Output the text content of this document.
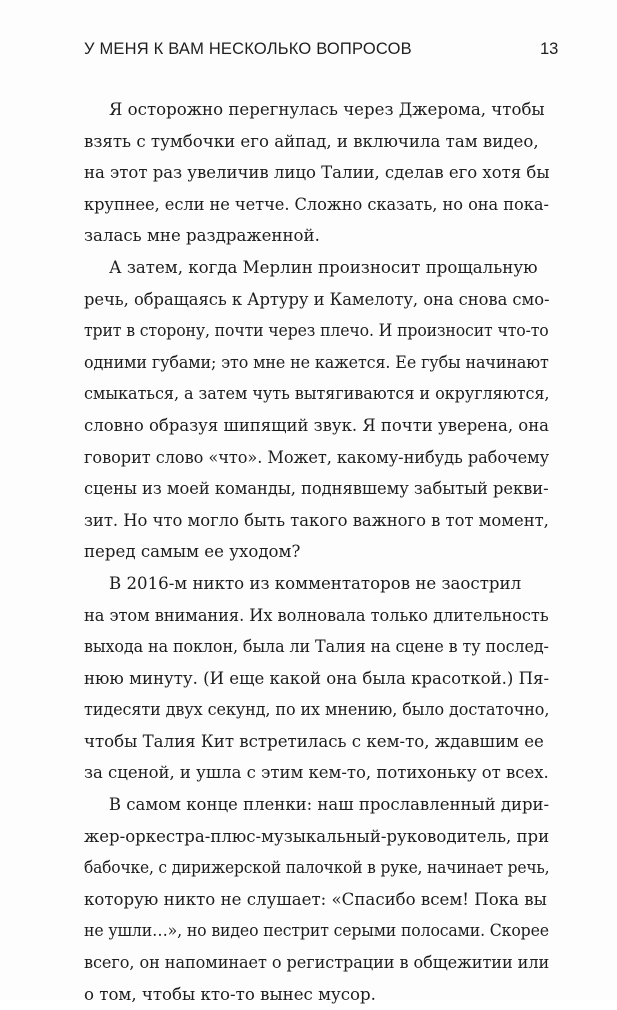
У МЕНЯ К ВАМ НЕСКОЛЬКО ВОПРОСОВ	13
Я осторожно перегнулась через Джерома, чтобы
взять с тумбочки его айпад, и включила там видео,
на этот раз увеличив лицо Талии, сделав его хотя бы
крупнее, если не четче. Сложно сказать, но она пока-
залась мне раздраженной.
А затем, когда Мерлин произносит прощальную
речь, обращаясь к Артуру и Камелоту, она снова смо-
трит в сторону, почти через плечо. И произносит что-то
одними губами; это мне не кажется. Ее губы начинают
смыкаться, а затем чуть вытягиваются и округляются,
словно образуя шипящий звук. Я почти уверена, она
говорит слово «что». Может, какому-нибудь рабочему
сцены из моей команды, поднявшему забытый рекви-
зит. Но что могло быть такого важного в тот момент,
перед самым ее уходом?
В 2016-м никто из комментаторов не заострил
на этом внимания. Их волновала только длительность
выхода на поклон, была ли Талия на сцене в ту послед-
нюю минуту. (И еще какой она была красоткой.) Пя-
тидесяти двух секунд, по их мнению, было достаточно,
чтобы Талия Кит встретилась с кем-то, ждавшим ее
за сценой, и ушла с этим кем-то, потихоньку от всех.
В самом конце пленки: наш прославленный дири-
жер-оркестра-плюс-музыкальный-руководитель, при
бабочке, с дирижерской палочкой в руке, начинает речь,
которую никто не слушает: «Спасибо всем! Пока вы
не ушли…», но видео пестрит серыми полосами. Скорее
всего, он напоминает о регистрации в общежитии или
о том, чтобы кто-то вынес мусор.
